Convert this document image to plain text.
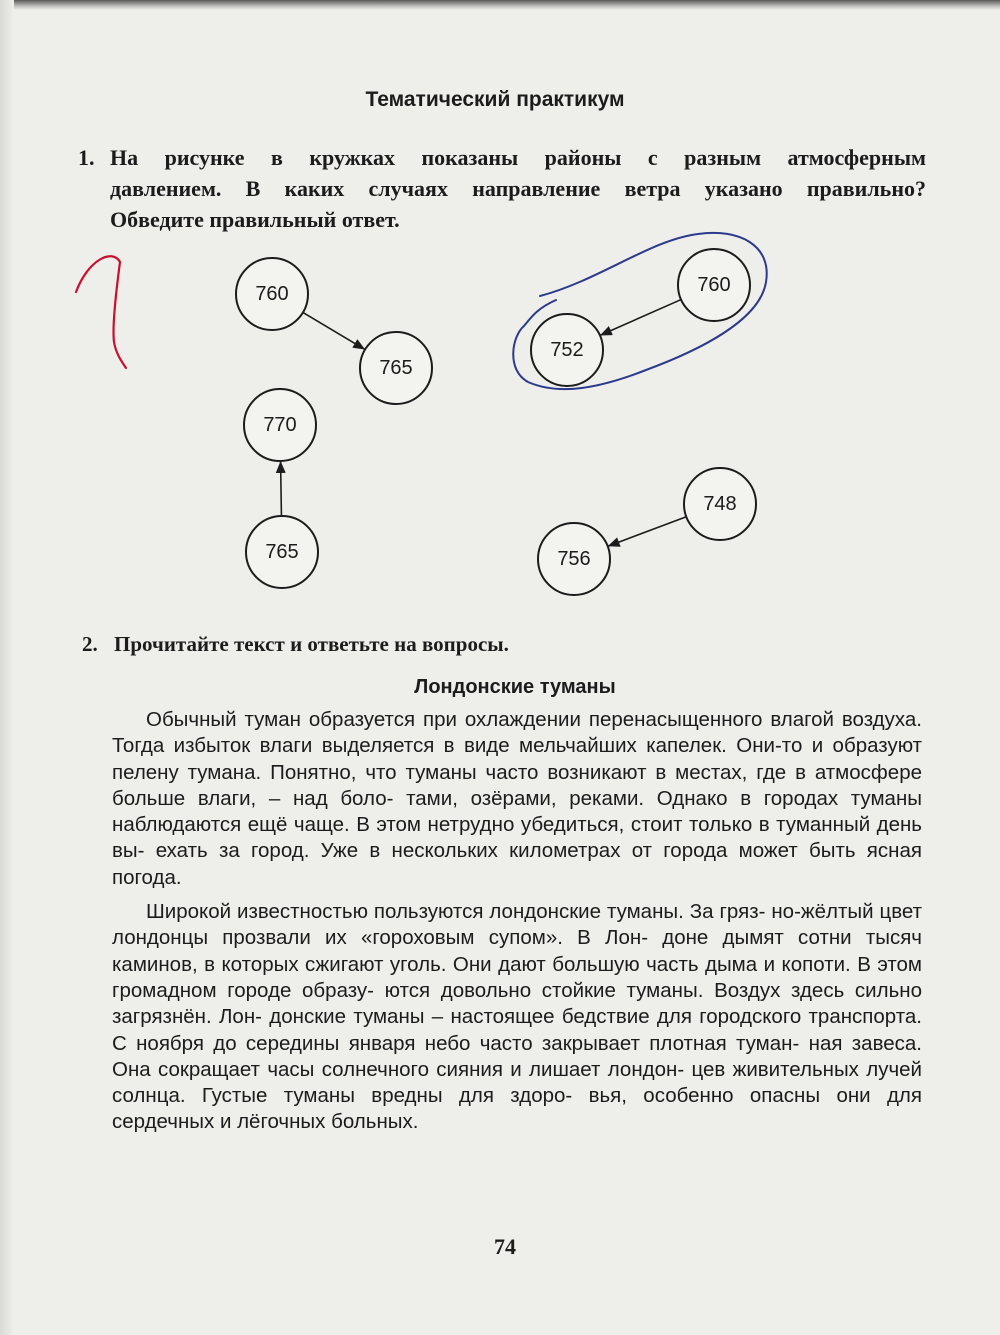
Тематический практикум
1. На рисунке в кружках показаны районы с разным атмосферным
давлением. В каких случаях направление ветра указано правильно?
Обведите правильный ответ.
760
765
760
752
770
765
748
756
2. Прочитайте текст и ответьте на вопросы.
Лондонские туманы

Обычный туман образуется при охлаждении перенасыщенного влагой воздуха. Тогда избыток влаги выделяется в виде мельчайших капелек. Они-то и образуют пелену тумана. Понятно, что туманы часто возникают в местах, где в атмосфере больше влаги, – над боло- тами, озёрами, реками. Однако в городах туманы наблюдаются ещё чаще. В этом нетрудно убедиться, стоит только в туманный день вы- ехать за город. Уже в нескольких километрах от города может быть ясная погода.

Широкой известностью пользуются лондонские туманы. За гряз- но-жёлтый цвет лондонцы прозвали их «гороховым супом». В Лон- доне дымят сотни тысяч каминов, в которых сжигают уголь. Они дают большую часть дыма и копоти. В этом громадном городе образу- ются довольно стойкие туманы. Воздух здесь сильно загрязнён. Лон- донские туманы – настоящее бедствие для городского транспорта. С ноября до середины января небо часто закрывает плотная туман- ная завеса. Она сокращает часы солнечного сияния и лишает лондон- цев живительных лучей солнца. Густые туманы вредны для здоро- вья, особенно опасны они для сердечных и лёгочных больных.

74
